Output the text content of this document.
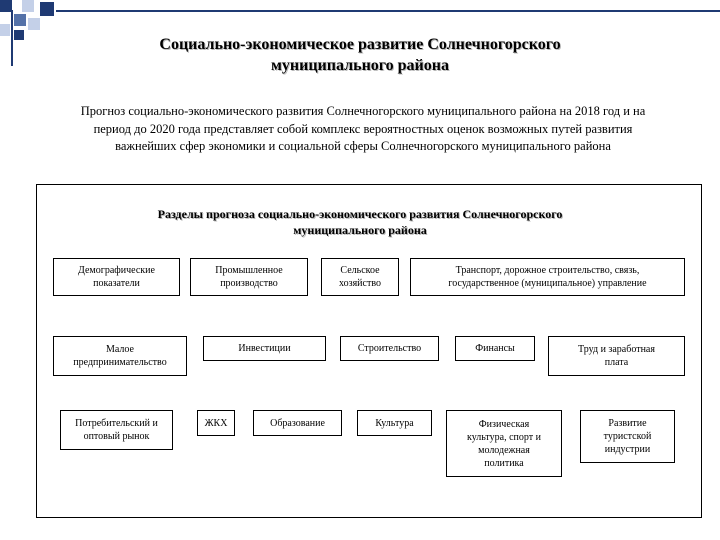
Социально-экономическое развитие Солнечногорского
муниципального района

Прогноз социально-экономического развития Солнечногорского муниципального района на 2018 год и на
период до 2020 года представляет собой комплекс вероятностных оценок возможных путей развития
важнейших сфер экономики и социальной сферы Солнечногорского муниципального района

Разделы прогноза социально-экономического развития Солнечногорского
муниципального района

Демографические
показатели
Промышленное
производство
Сельское
хозяйство
Транспорт, дорожное строительство, связь,
государственное (муниципальное) управление
Малое
предпринимательство
Инвестиции	Строительство	Финансы	Труд и заработная
плата
Потребительский и
оптовый рынок
ЖКХ	Образование	Культура	Физическая
культура, спорт и
молодежная
политика
Развитие
туристской
индустрии
